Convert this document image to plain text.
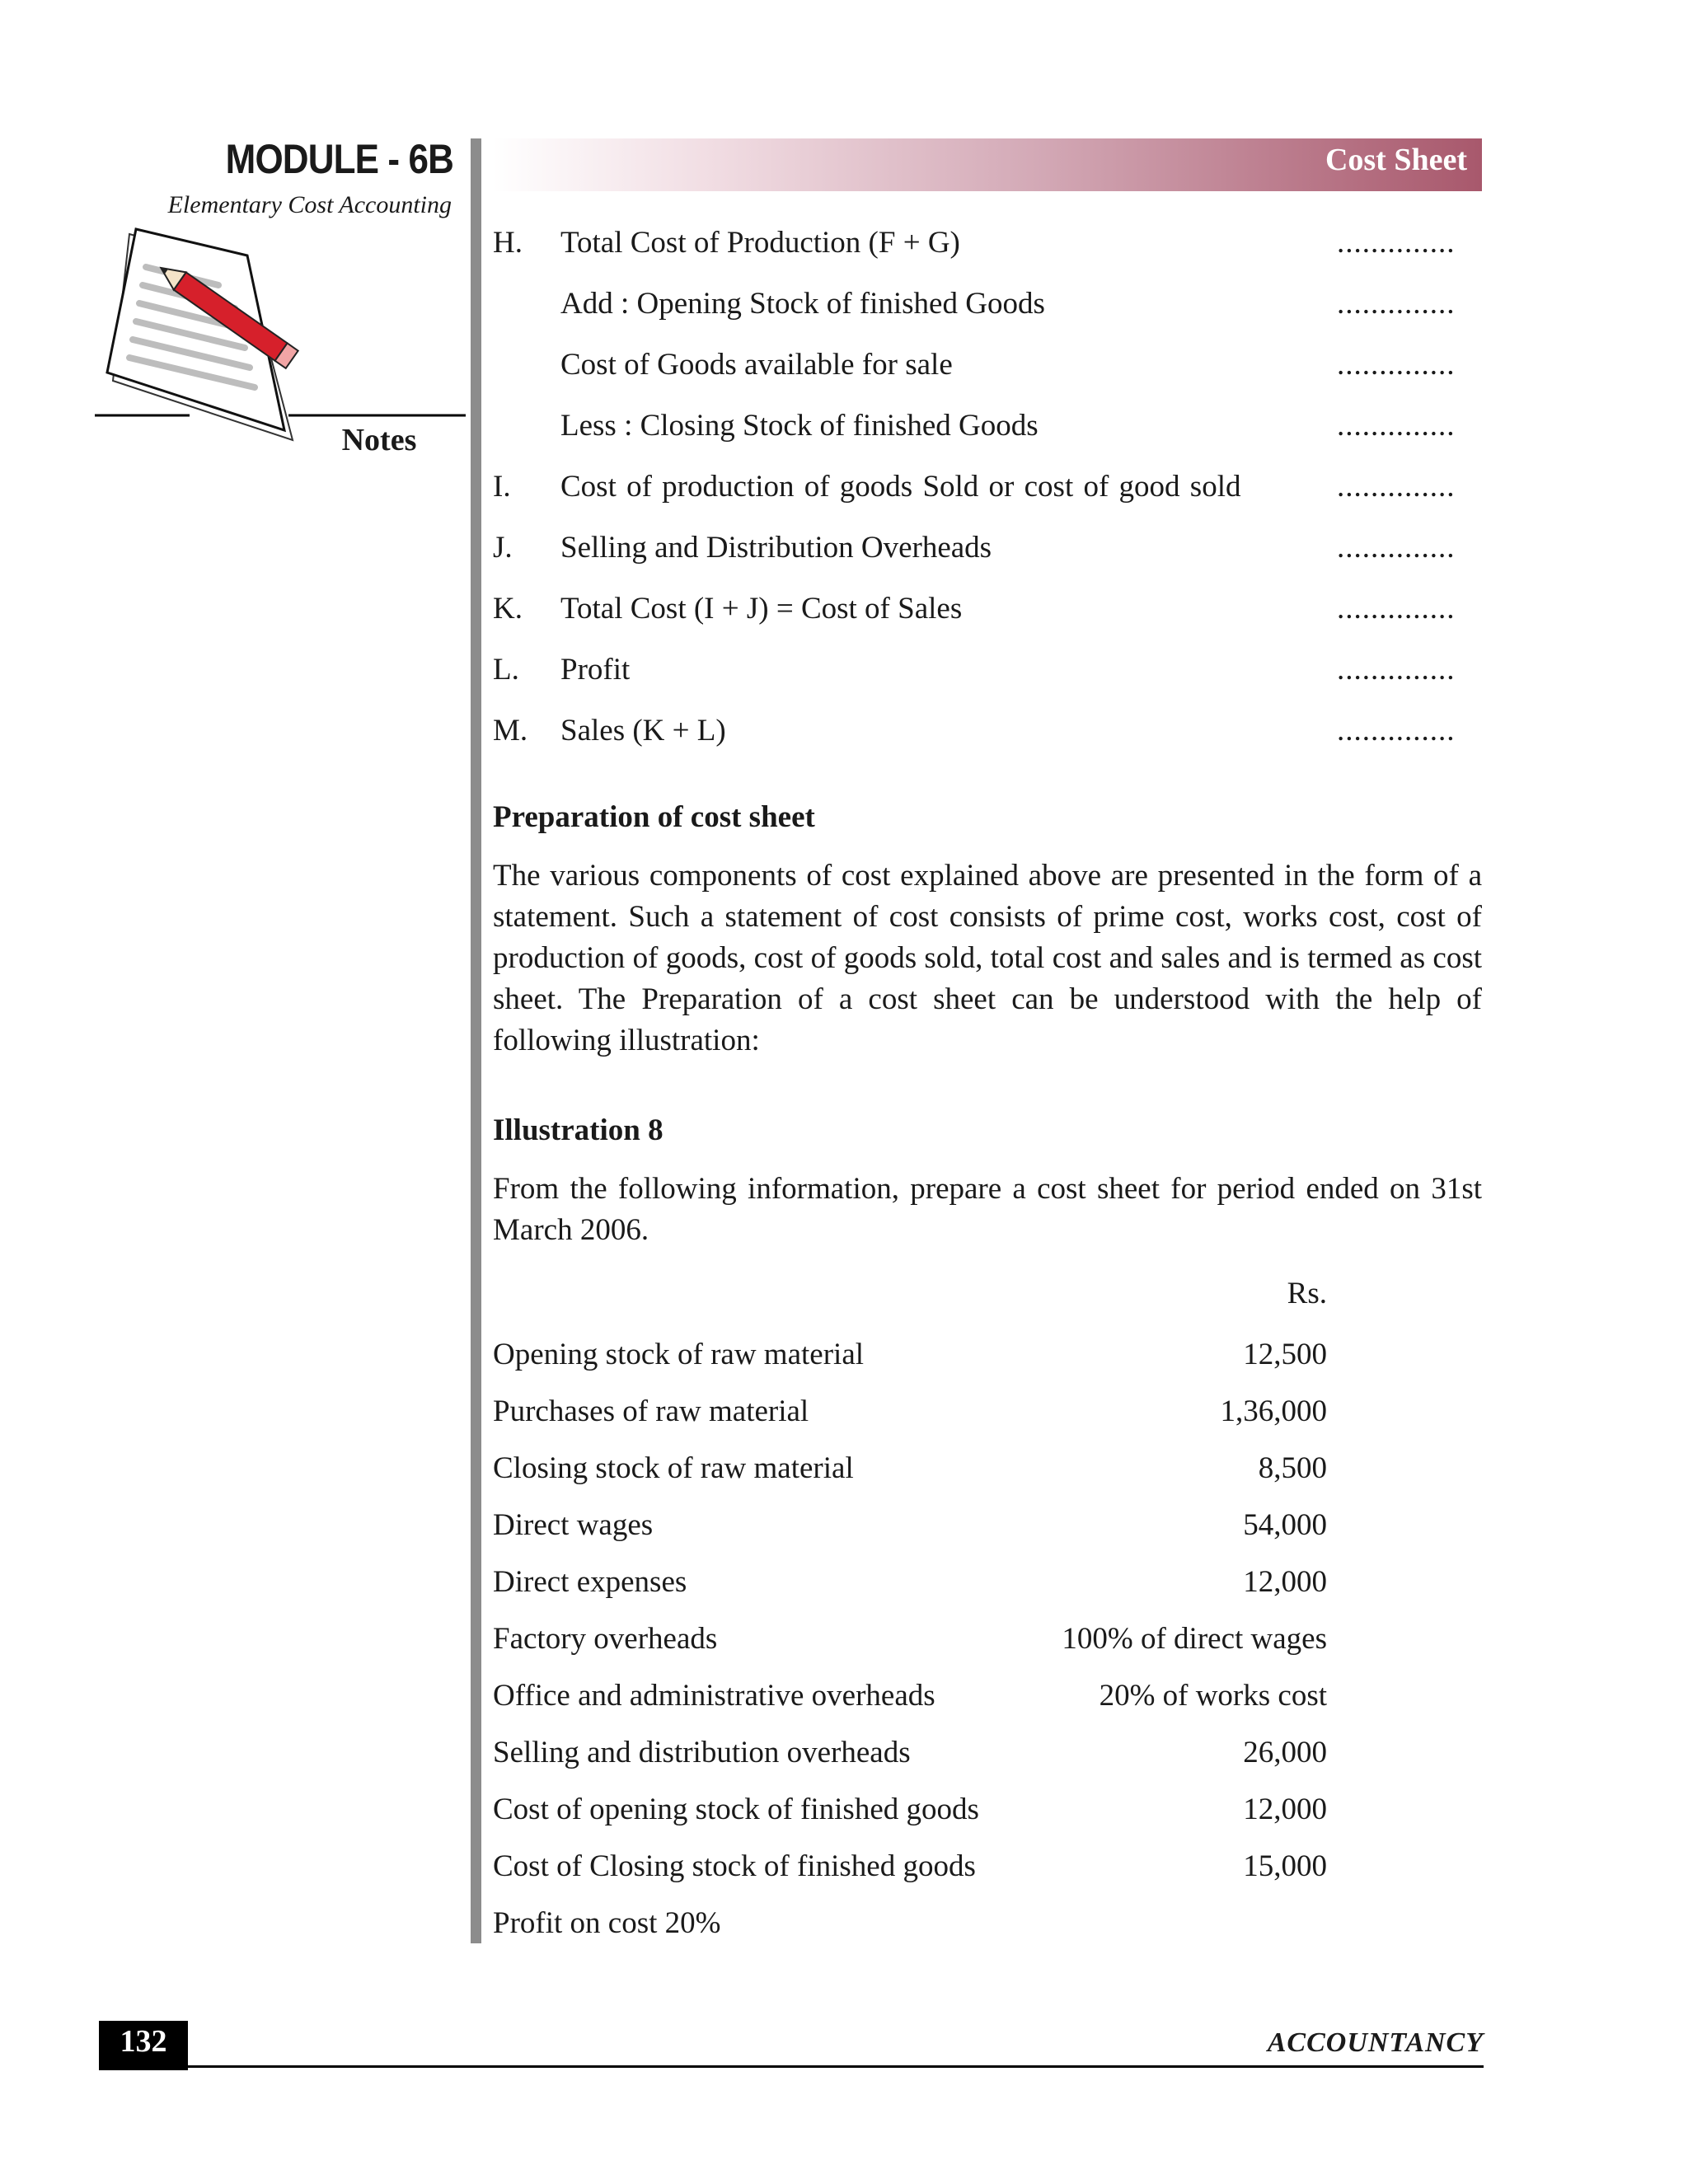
MODULE - 6B
Elementary Cost Accounting
Notes
Cost Sheet
H. Total Cost of Production (F + G)	..............
Add : Opening Stock of finished Goods	..............
Cost of Goods available for sale	..............
Less : Closing Stock of finished Goods	..............
I. Cost of production of goods Sold or cost of good sold	..............
J. Selling and Distribution Overheads	..............
K. Total Cost (I + J) = Cost of Sales	..............
L. Profit	..............
M. Sales (K + L)	..............
Preparation of cost sheet
The various components of cost explained above are presented in the form of a statement. Such a statement of cost consists of prime cost, works cost, cost of production of goods, cost of goods sold, total cost and sales and is termed as cost sheet. The Preparation of a cost sheet can be understood with the help of following illustration:
Illustration 8
From the following information, prepare a cost sheet for period ended on 31st March 2006.
Rs.
Opening stock of raw material	12,500
Purchases of raw material	1,36,000
Closing stock of raw material	8,500
Direct wages	54,000
Direct expenses	12,000
Factory overheads	100% of direct wages
Office and administrative overheads	20% of works cost
Selling and distribution overheads	26,000
Cost of opening stock of finished goods	12,000
Cost of Closing stock of finished goods	15,000
Profit on cost 20%
132	ACCOUNTANCY
